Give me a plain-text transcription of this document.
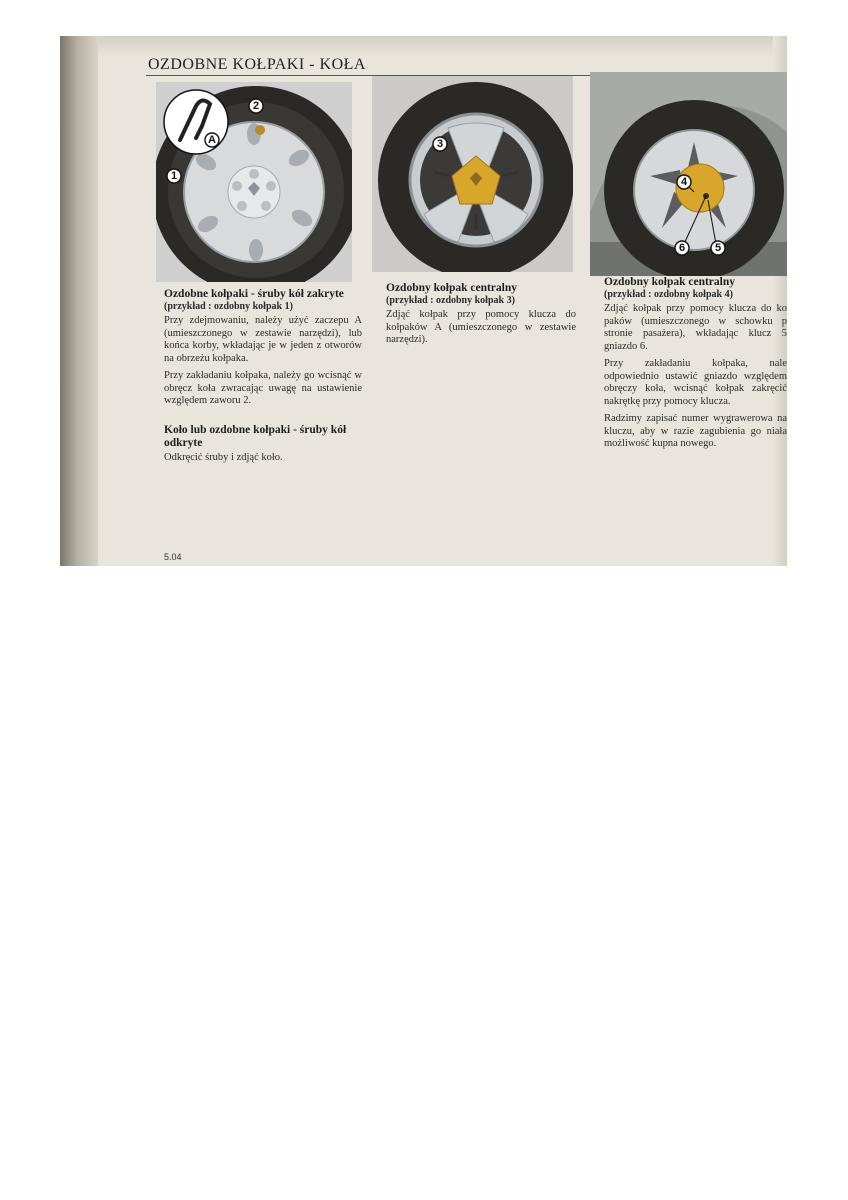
OZDOBNE KOŁPAKI - KOŁA
A
2
1
3
4
6	5
Ozdobne kołpaki - śruby kół zakryte
(przykład : ozdobny kołpak 1)

Przy zdejmowaniu, należy użyć zaczepu A (umieszczonego w zestawie narzędzi), lub końca korby, wkładając je w jeden z otworów na obrzeżu kołpaka.

Przy zakładaniu kołpaka, należy go wcisnąć w obręcz koła zwracając uwagę na ustawienie względem zaworu 2.

Koło lub ozdobne kołpaki - śruby kół odkryte

Odkręcić śruby i zdjąć koło.

Ozdobny kołpak centralny
(przykład : ozdobny kołpak 3)

Zdjąć kołpak przy pomocy klucza do kołpaków A (umieszczonego w zestawie narzędzi).

Ozdobny kołpak centralny
(przykład : ozdobny kołpak 4)

Zdjąć kołpak przy pomocy klucza do ko paków (umieszczonego w schowku p stronie pasażera), wkładając klucz 5 gniazdo 6.

Przy zakładaniu kołpaka, nale odpowiednio ustawić gniazdo względem obręczy koła, wcisnąć kołpak zakręcić nakrętkę przy pomocy klucza.

Radzimy zapisać numer wygrawerowa na kluczu, aby w razie zagubienia go niała możliwość kupna nowego.

5.04
